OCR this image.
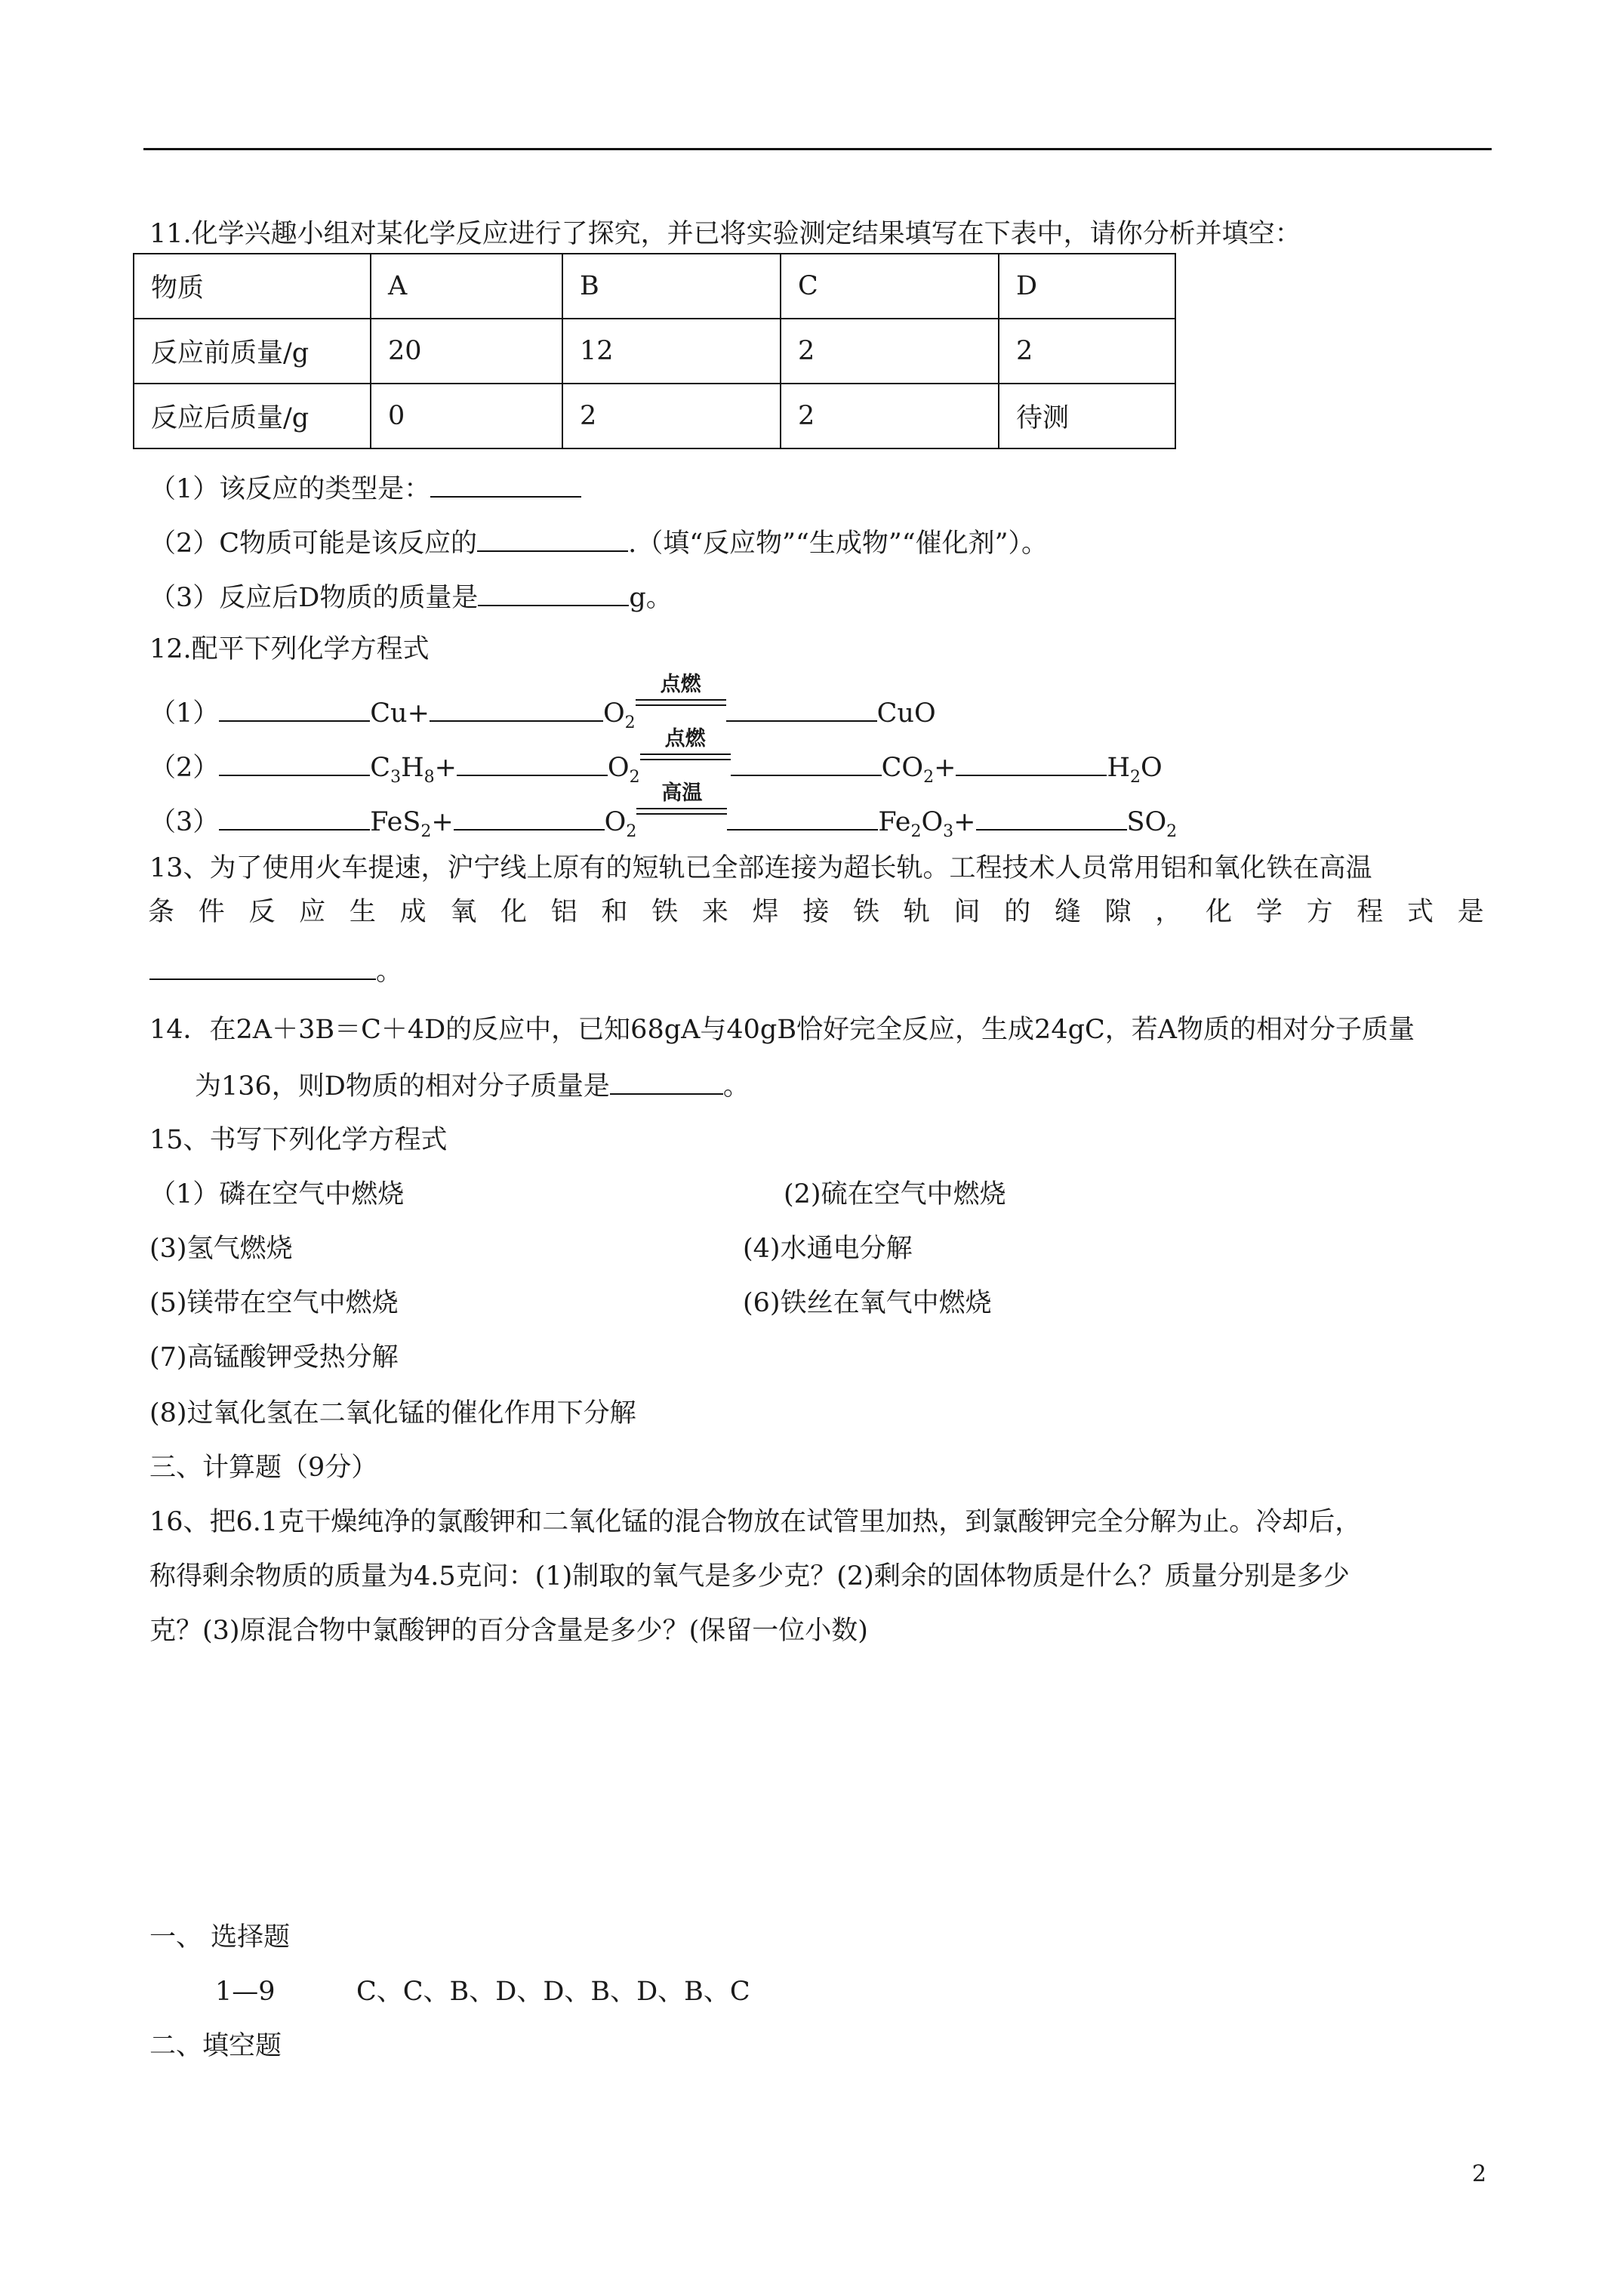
11.化学兴趣小组对某化学反应进行了探究，并已将实验测定结果填写在下表中，请你分析并填空：
物质	A	B	C	D
反应前质量/g	20	12	2	2
反应后质量/g	0	2	2	待测
（1）该反应的类型是：
（2）C物质可能是该反应的	.（填“反应物”“生成物”“催化剂”）。
（3）反应后D物质的质量是	g。
12.配平下列化学方程式
（1）	Cu+	$O_2$
点燃
CuO
（2）	$C_3H_8+$	$O_2$
点燃
$CO_2+$	$H_2O$
（3）	FeS$_2$+	$O_2$
高温
$Fe_2O_3+$	$SO_2$
13、为了使用火车提速，沪宁线上原有的短轨已全部连接为超长轨。工程技术人员常用铝和氧化铁在高温
条 件 反 应 生 成 氧 化 铝 和 铁 来 焊 接 铁 轨 间 的 缝 隙 ， 化 学 方 程 式 是
。
14．在2A＋3B＝C＋4D的反应中，已知68gA与40gB恰好完全反应，生成24gC，若A物质的相对分子质量
为136，则D物质的相对分子质量是	。
15、书写下列化学方程式
（1）磷在空气中燃烧	(2)硫在空气中燃烧
(3)氢气燃烧	(4)水通电分解
(5)镁带在空气中燃烧	(6)铁丝在氧气中燃烧
(7)高锰酸钾受热分解
(8)过氧化氢在二氧化锰的催化作用下分解
三、计算题（9分）
16、把6.1克干燥纯净的氯酸钾和二氧化锰的混合物放在试管里加热，到氯酸钾完全分解为止。冷却后，
称得剩余物质的质量为4.5克问：(1)制取的氧气是多少克？(2)剩余的固体物质是什么？质量分别是多少
克？(3)原混合物中氯酸钾的百分含量是多少？(保留一位小数)
一、 选择题
1—9	C、C、B、D、D、B、D、B、C
二、填空题
2
